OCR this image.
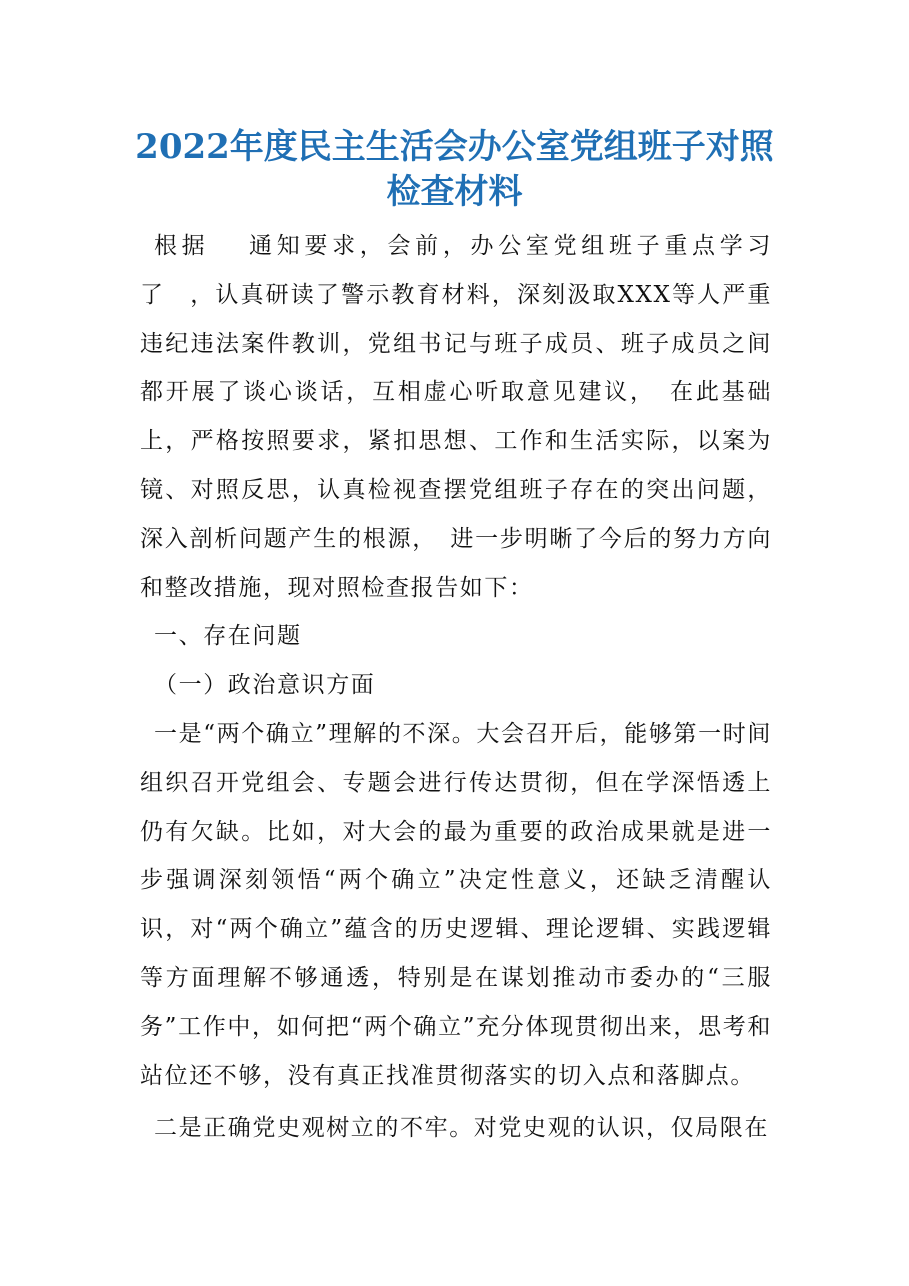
2022年度民主生活会办公室党组班子对照
检查材料

根据　 通知要求，会前，办公室党组班子重点学习了　，认真研读了警示教育材料，深刻汲取XXX等人严重违纪违法案件教训，党组书记与班子成员、班子成员之间都开展了谈心谈话，互相虚心听取意见建议，　在此基础上，严格按照要求，紧扣思想、工作和生活实际，以案为镜、对照反思，认真检视查摆党组班子存在的突出问题，深入剖析问题产生的根源，　进一步明晰了今后的努力方向和整改措施，现对照检查报告如下：

一、存在问题

（一）政治意识方面

一是“两个确立”理解的不深。大会召开后，能够第一时间组织召开党组会、专题会进行传达贯彻，但在学深悟透上仍有欠缺。比如，对大会的最为重要的政治成果就是进一步强调深刻领悟“两个确立”决定性意义，还缺乏清醒认识，对“两个确立”蕴含的历史逻辑、理论逻辑、实践逻辑等方面理解不够通透，特别是在谋划推动市委办的“三服务”工作中，如何把“两个确立”充分体现贯彻出来，思考和站位还不够，没有真正找准贯彻落实的切入点和落脚点。

二是正确党史观树立的不牢。对党史观的认识，仅局限在
